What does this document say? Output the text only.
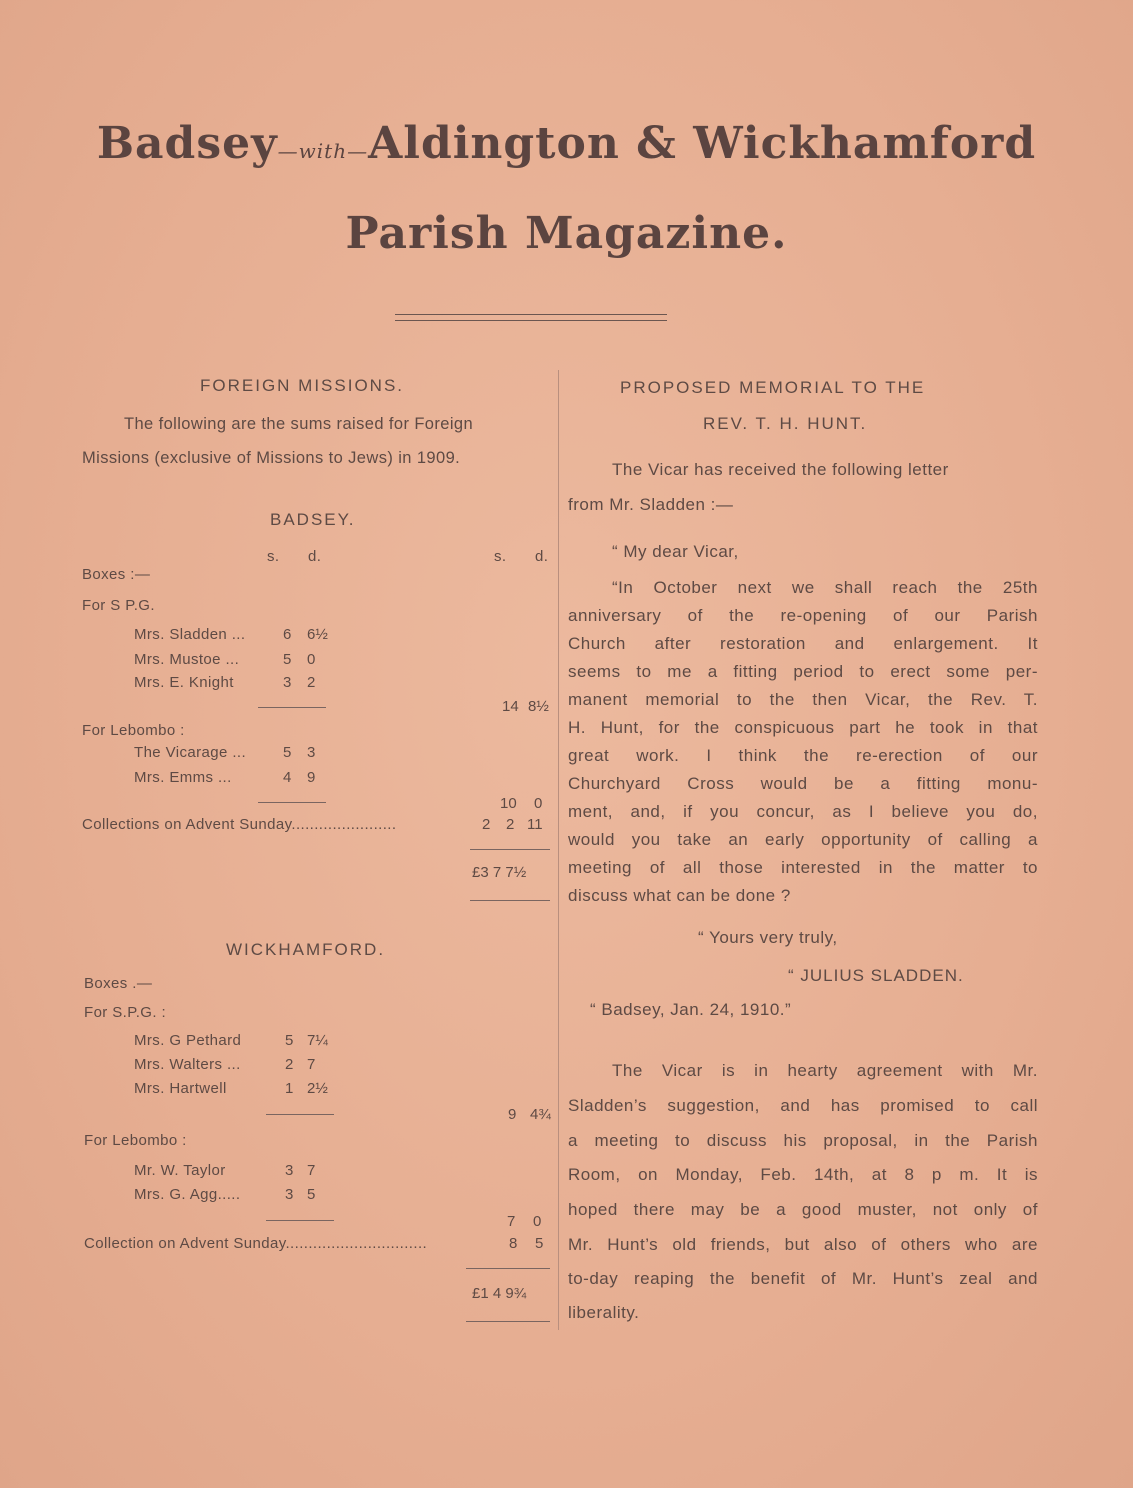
Badsey—with—Aldington & Wickhamford
Parish Magazine.
FOREIGN MISSIONS.
The following are the sums raised for Foreign
Missions (exclusive of Missions to Jews) in 1909.
BADSEY.
s. d.	s. d.
Boxes :—
For S P.G.
Mrs. Sladden ...	6 6½
Mrs. Mustoe ...	5 0
Mrs. E. Knight	3 2
14 8½
For Lebombo :
The Vicarage ... 5 3
Mrs. Emms ...	4 9
10 0
Collections on Advent Sunday.......................	2 2 11
£3 7 7½
WICKHAMFORD.
Boxes .—
For S.P.G. :
Mrs. G Pethard	5 7¼
Mrs. Walters ...	2 7
Mrs. Hartwell	1 2½
9 4¾
For Lebombo :
Mr. W. Taylor	3 7
Mrs. G. Agg.....	3 5
7 0
Collection on Advent Sunday...............................	8 5
£1 4 9¾
PROPOSED MEMORIAL TO THE
REV. T. H. HUNT.
The Vicar has received the following letter
from Mr. Sladden :—
“ My dear Vicar,
“In October next we shall reach the 25th
anniversary of the re-opening of our Parish
Church after restoration and enlargement. It
seems to me a fitting period to erect some per-
manent memorial to the then Vicar, the Rev. T.
H. Hunt, for the conspicuous part he took in that
great work. I think the re-erection of our
Churchyard Cross would be a fitting monu-
ment, and, if you concur, as I believe you do,
would you take an early opportunity of calling a
meeting of all those interested in the matter to
discuss what can be done ?
“ Yours very truly,
“ JULIUS SLADDEN.
“ Badsey, Jan. 24, 1910.”
The Vicar is in hearty agreement with Mr.
Sladden’s suggestion, and has promised to call
a meeting to discuss his proposal, in the Parish
Room, on Monday, Feb. 14th, at 8 p m. It is
hoped there may be a good muster, not only of
Mr. Hunt’s old friends, but also of others who are
to-day reaping the benefit of Mr. Hunt’s zeal and
liberality.
